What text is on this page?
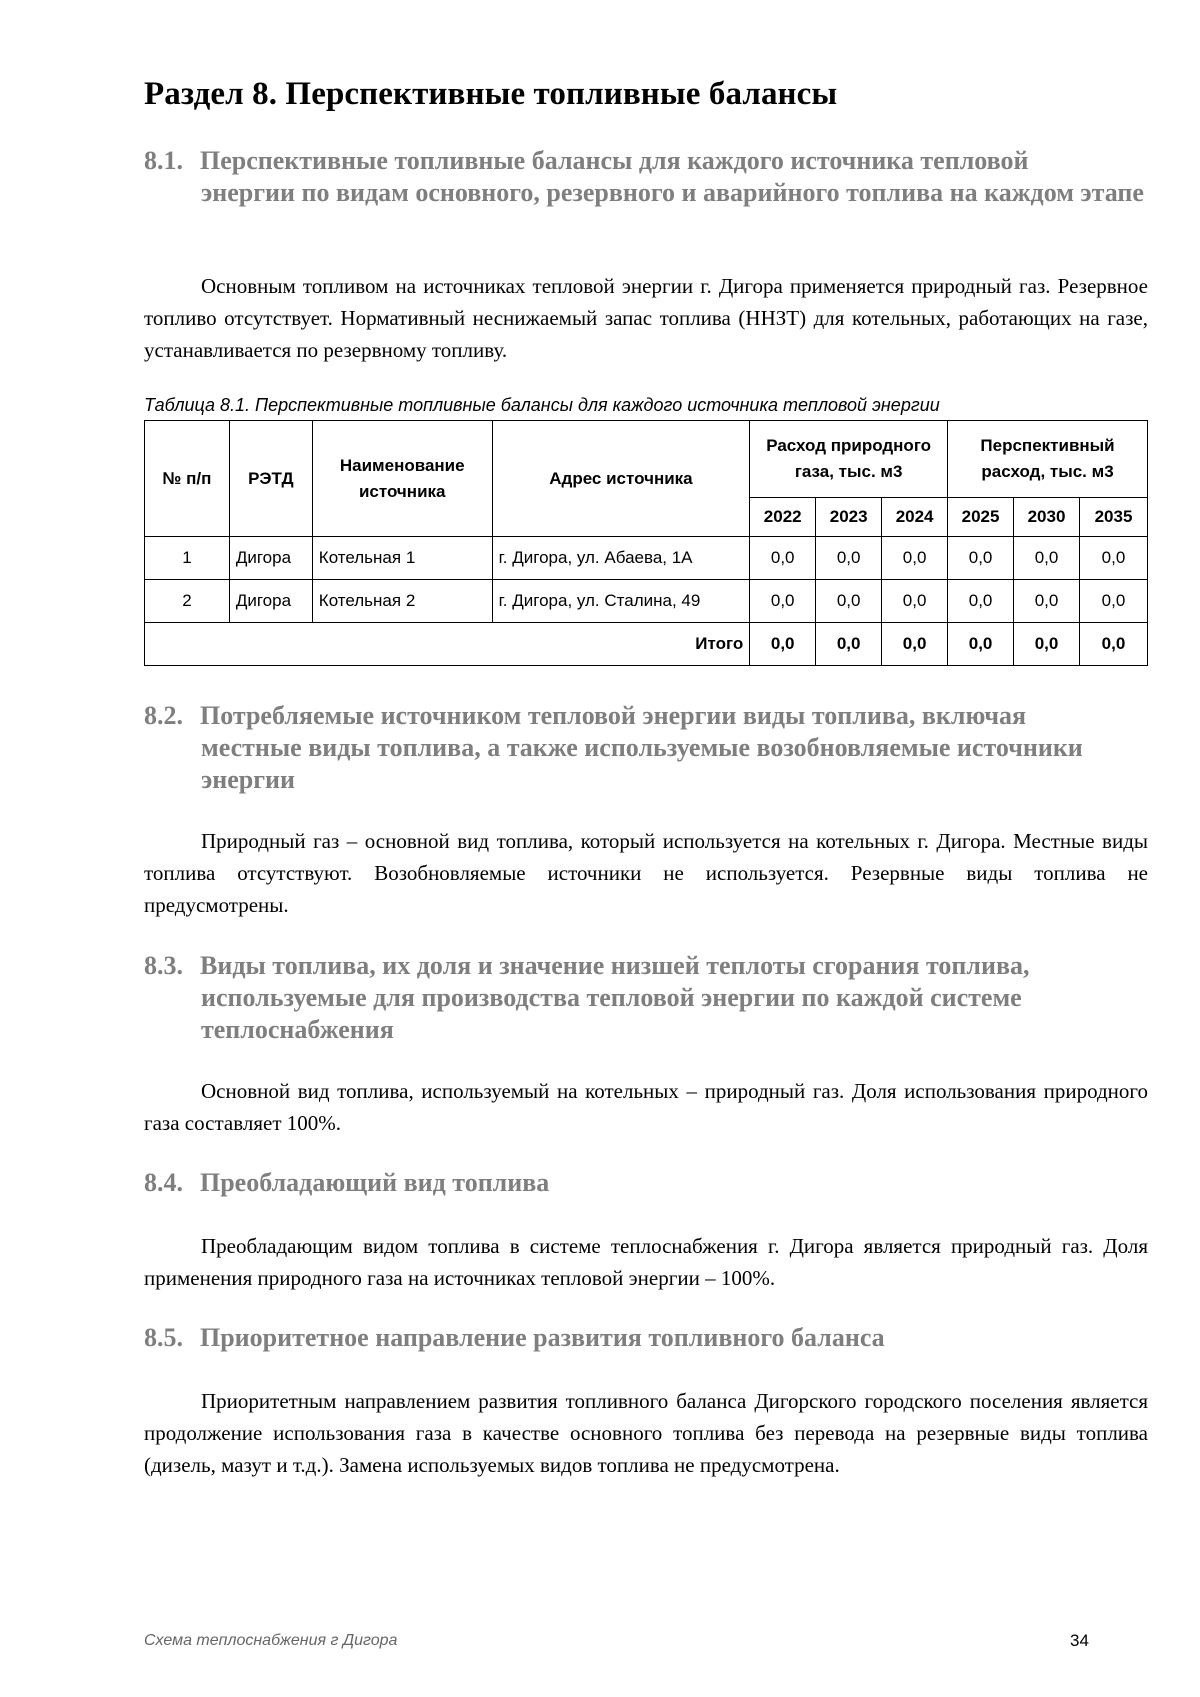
Раздел 8. Перспективные топливные балансы
8.1. Перспективные топливные балансы для каждого источника тепловой
энергии по видам основного, резервного и аварийного топлива на каждом этапе

Основным топливом на источниках тепловой энергии г. Дигора применяется природный газ. Резервное топливо отсутствует. Нормативный неснижаемый запас топлива (ННЗТ) для котельных, работающих на газе, устанавливается по резервному топливу.

Таблица 8.1. Перспективные топливные балансы для каждого источника тепловой энергии
№ п/п	РЭТД	Наименование источника	Адрес источника	Расход природного газа, тыс. м3			Перспективный расход, тыс. м3		
				2022	2023	2024	2025	2030	2035
1	Дигора	Котельная 1	г. Дигора, ул. Абаева, 1А	0,0	0,0	0,0	0,0	0,0	0,0
2	Дигора	Котельная 2	г. Дигора, ул. Сталина, 49	0,0	0,0	0,0	0,0	0,0	0,0
Итого				0,0	0,0	0,0	0,0	0,0	0,0
8.2. Потребляемые источником тепловой энергии виды топлива, включая
местные виды топлива, а также используемые возобновляемые источники энергии

Природный газ – основной вид топлива, который используется на котельных г. Дигора. Местные виды топлива отсутствуют. Возобновляемые источники не используется. Резервные виды топлива не предусмотрены.

8.3. Виды топлива, их доля и значение низшей теплоты сгорания топлива,
используемые для производства тепловой энергии по каждой системе теплоснабжения

Основной вид топлива, используемый на котельных – природный газ. Доля использования природного газа составляет 100%.

8.4. Преобладающий вид топлива

Преобладающим видом топлива в системе теплоснабжения г. Дигора является природный газ. Доля применения природного газа на источниках тепловой энергии – 100%.

8.5. Приоритетное направление развития топливного баланса

Приоритетным направлением развития топливного баланса Дигорского городского поселения является продолжение использования газа в качестве основного топлива без перевода на резервные виды топлива (дизель, мазут и т.д.). Замена используемых видов топлива не предусмотрена.

Схема теплоснабжения г Дигора	34
